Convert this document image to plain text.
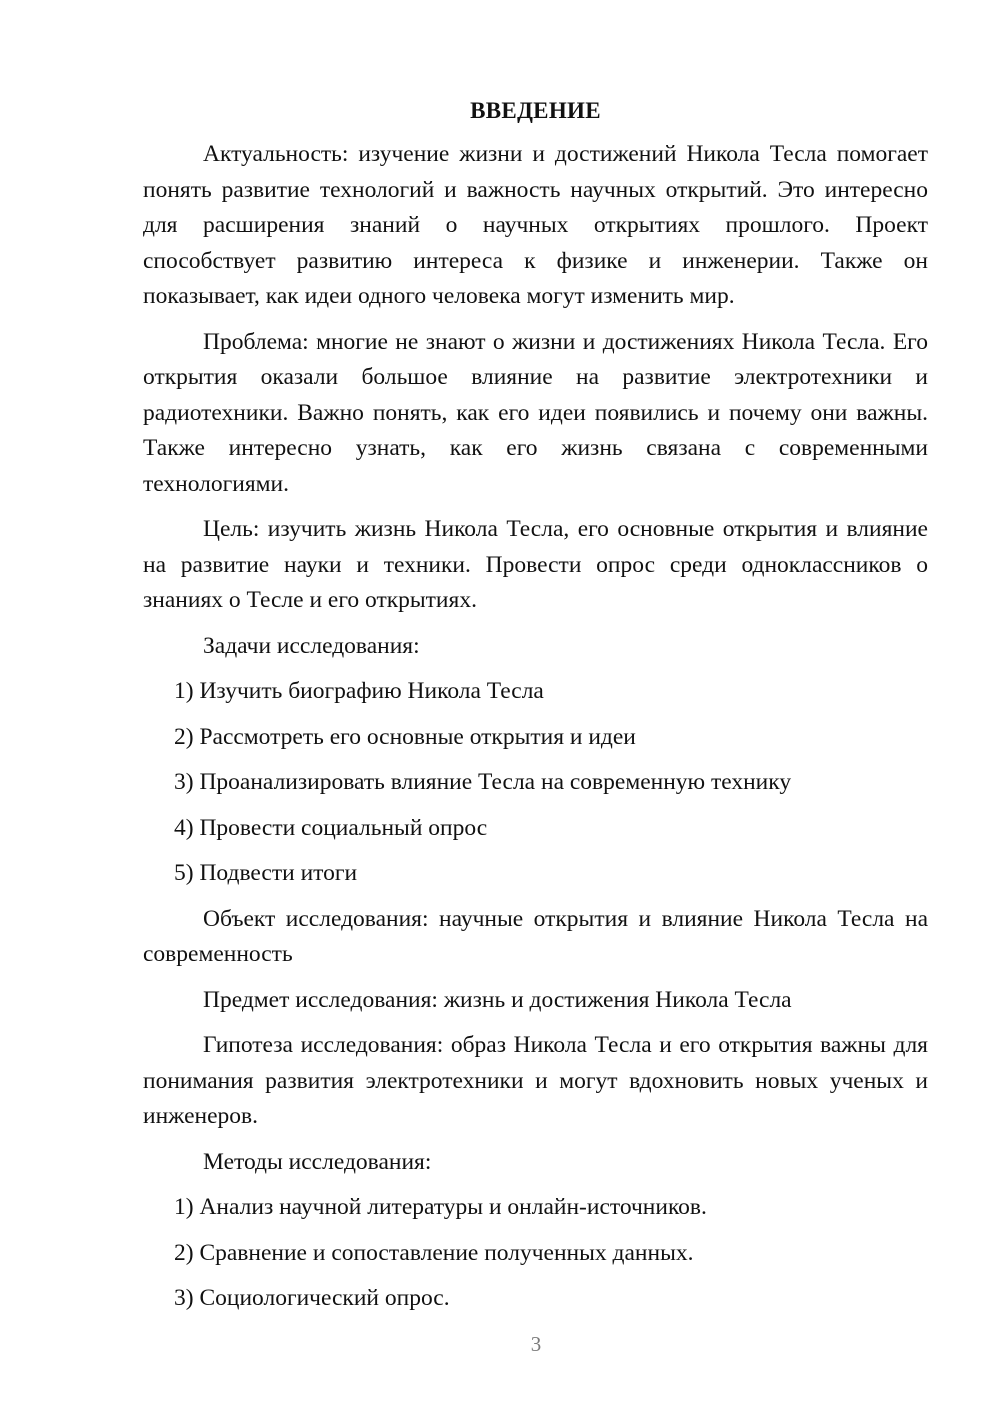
ВВЕДЕНИЕ

Актуальность: изучение жизни и достижений Никола Тесла помогает понять развитие технологий и важность научных открытий. Это интересно для расширения знаний о научных открытиях прошлого. Проект способствует развитию интереса к физике и инженерии. Также он показывает, как идеи одного человека могут изменить мир.

Проблема: многие не знают о жизни и достижениях Никола Тесла. Его открытия оказали большое влияние на развитие электротехники и радиотехники. Важно понять, как его идеи появились и почему они важны. Также интересно узнать, как его жизнь связана с современными технологиями.

Цель: изучить жизнь Никола Тесла, его основные открытия и влияние на развитие науки и техники. Провести опрос среди одноклассников о знаниях о Тесле и его открытиях.

Задачи исследования:

1) Изучить биографию Никола Тесла
2) Рассмотреть его основные открытия и идеи
3) Проанализировать влияние Тесла на современную технику
4) Провести социальный опрос
5) Подвести итоги

Объект исследования: научные открытия и влияние Никола Тесла на современность

Предмет исследования: жизнь и достижения Никола Тесла

Гипотеза исследования: образ Никола Тесла и его открытия важны для понимания развития электротехники и могут вдохновить новых ученых и инженеров.

Методы исследования:

1) Анализ научной литературы и онлайн-источников.
2) Сравнение и сопоставление полученных данных.
3) Социологический опрос.
3
